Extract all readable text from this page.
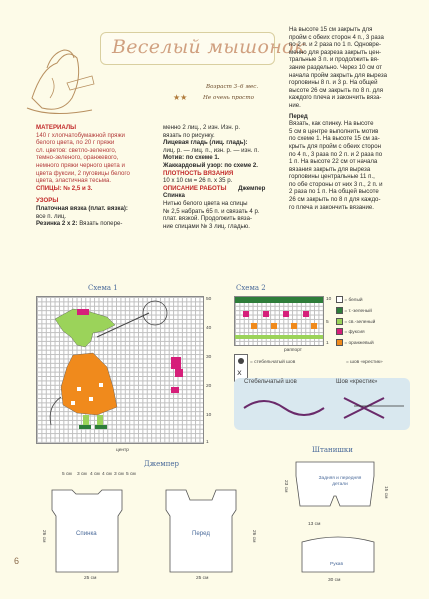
Веселый мышонок
Возраст 3–6 мес.
★★	Не очень просто
МАТЕРИАЛЫ
140 г хлопчатобумажной пряжи
белого цвета, по 20 г пряжи
сл. цветов: светло-зеленого,
темно-зеленого, оранжевого,
немного пряжи черного цвета и
цвета фуксии, 2 пуговицы белого
цвета, эластичная тесьма.
СПИЦЫ: № 2,5 и 3.
УЗОРЫ
Платочная вязка (плат. вязка):
все п. лиц.
Резинка 2 х 2: Вязать попере-
менно 2 лиц., 2 изн. Изн. р.
вязать по рисунку.
Лицевая гладь (лиц. гладь):
лиц. р. — лиц. п., изн. р. — изн. п.
Мотив: по схеме 1.
Жаккардовый узор: по схеме 2.
ПЛОТНОСТЬ ВЯЗАНИЯ
10 х 10 см = 26 п. х 35 р.
ОПИСАНИЕ РАБОТЫ Джемпер
Спинка
Нитью белого цвета на спицы
№ 2,5 набрать 65 п. и связать 4 р.
плат. вязкой. Продолжить вяза-
ние спицами № 3 лиц. гладью.
На высоте 15 см закрыть для
пройм с обеих сторон 4 п., 3 раза
по 2 п. и 2 раза по 1 п. Одновре-
менно для разреза закрыть цен-
тральные 3 п. и продолжить вя-
зание раздельно. Через 10 см от
начала пройм закрыть для выреза
горловины 8 п. и 3 р. На общей
высоте 26 см закрыть по 8 п. для
каждого плеча и закончить вяза-
ние.
Перед
Вязать, как спинку. На высоте
5 см в центре выполнить мотив
по схеме 1. На высоте 15 см за-
крыть для пройм с обеих сторон
по 4 п., 3 раза по 2 п. и 2 раза по
1 п. На высоте 22 см от начала
вязания закрыть для выреза
горловины центральные 11 п.,
по обе стороны от них 3 п., 2 п. и
2 раза по 1 п. На общей высоте
26 см закрыть по 8 п для каждо-
го плеча и закончить вязание.
Схема 1
50
40
30
20
10
1
центр
Схема 2
раппорт
10
5
1
= белый
= т.-зеленый
= св.-зеленый
= фуксия
= оранжевый
x
= стебельчатый шов	= шов «крестик»
Стебельчатый шов	Шов «крестик»
Джемпер
Спинка	Перед
5 см 3 см 4 см 4 см 3 см 5 см
26 см
25 см	25 см
26 см
Штанишки
Задняя и передняя детали
23 см	15 см
13 см
Рукав
30 см
6
